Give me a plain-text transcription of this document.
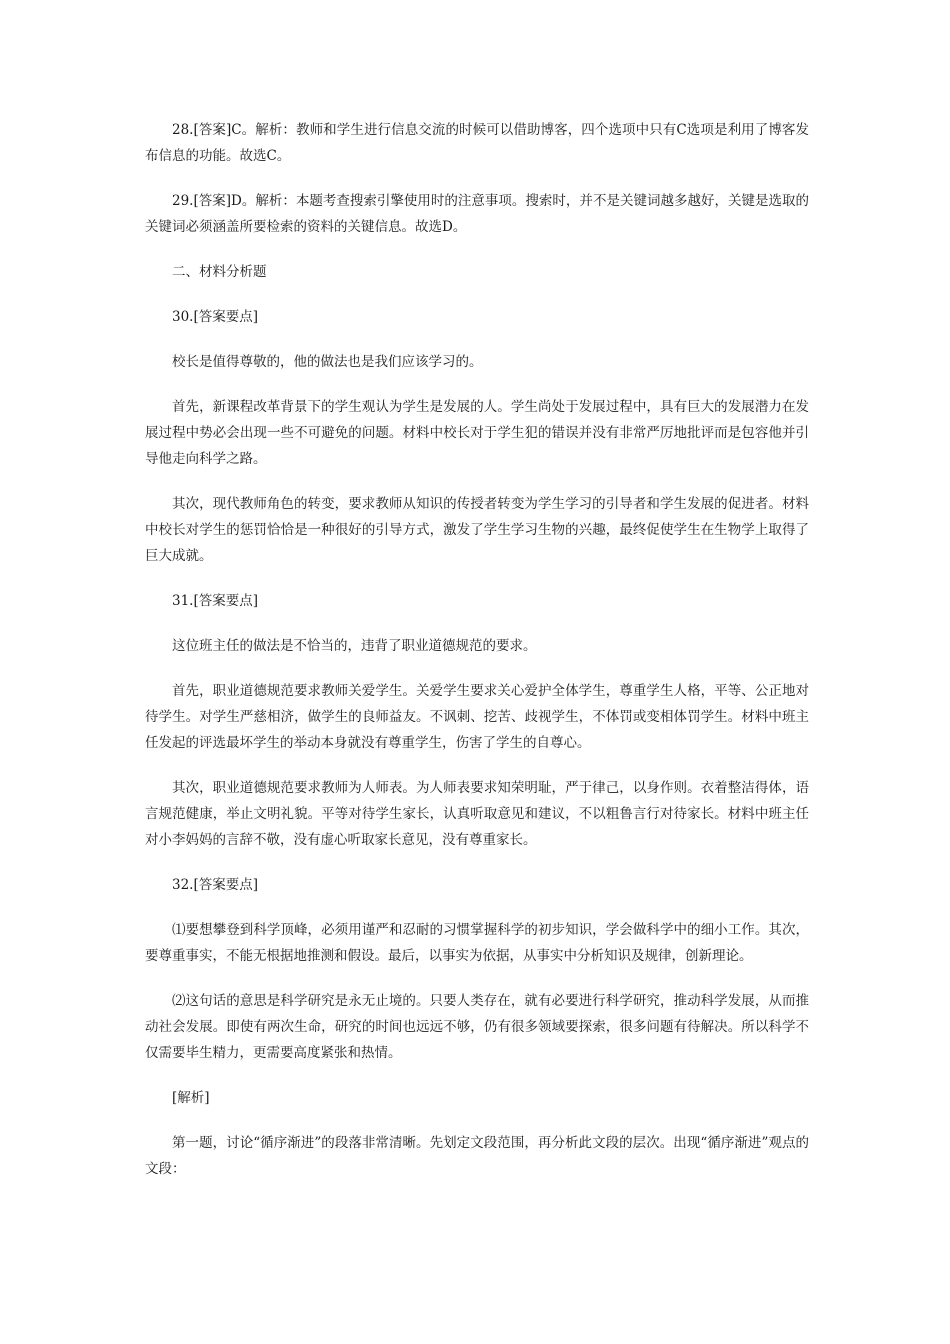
28.[答案]C。解析：教师和学生进行信息交流的时候可以借助博客，四个选项中只有C选项是利用了博客发布信息的功能。故选C。

29.[答案]D。解析：本题考查搜索引擎使用时的注意事项。搜索时，并不是关键词越多越好，关键是选取的关键词必须涵盖所要检索的资料的关键信息。故选D。

二、材料分析题

30.[答案要点]

校长是值得尊敬的，他的做法也是我们应该学习的。

首先，新课程改革背景下的学生观认为学生是发展的人。学生尚处于发展过程中，具有巨大的发展潜力在发展过程中势必会出现一些不可避免的问题。材料中校长对于学生犯的错误并没有非常严厉地批评而是包容他并引导他走向科学之路。

其次，现代教师角色的转变，要求教师从知识的传授者转变为学生学习的引导者和学生发展的促进者。材料中校长对学生的惩罚恰恰是一种很好的引导方式，激发了学生学习生物的兴趣，最终促使学生在生物学上取得了巨大成就。

31.[答案要点]

这位班主任的做法是不恰当的，违背了职业道德规范的要求。

首先，职业道德规范要求教师关爱学生。关爱学生要求关心爱护全体学生，尊重学生人格，平等、公正地对待学生。对学生严慈相济，做学生的良师益友。不讽刺、挖苦、歧视学生，不体罚或变相体罚学生。材料中班主任发起的评选最坏学生的举动本身就没有尊重学生，伤害了学生的自尊心。

其次，职业道德规范要求教师为人师表。为人师表要求知荣明耻，严于律己，以身作则。衣着整洁得体，语言规范健康，举止文明礼貌。平等对待学生家长，认真听取意见和建议，不以粗鲁言行对待家长。材料中班主任对小李妈妈的言辞不敬，没有虚心听取家长意见，没有尊重家长。

32.[答案要点]

⑴要想攀登到科学顶峰，必须用谨严和忍耐的习惯掌握科学的初步知识，学会做科学中的细小工作。其次，要尊重事实，不能无根据地推测和假设。最后，以事实为依据，从事实中分析知识及规律，创新理论。

⑵这句话的意思是科学研究是永无止境的。只要人类存在，就有必要进行科学研究，推动科学发展，从而推动社会发展。即使有两次生命，研究的时间也远远不够，仍有很多领域要探索，很多问题有待解决。所以科学不仅需要毕生精力，更需要高度紧张和热情。

[解析]

第一题，讨论“循序渐进”的段落非常清晰。先划定文段范围，再分析此文段的层次。出现“循序渐进”观点的文段：
